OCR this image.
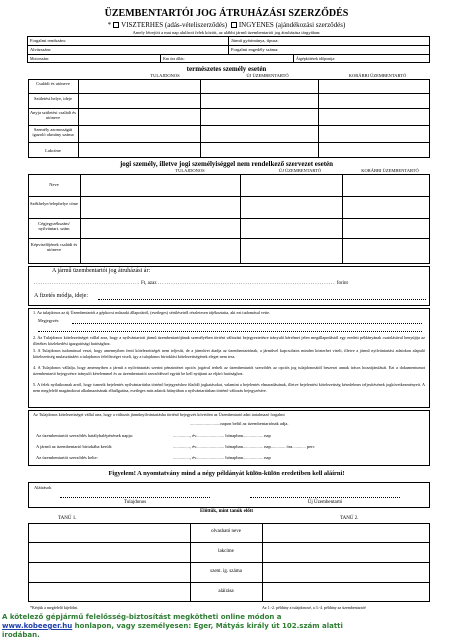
ÜZEMBENTARTÓI JOG ÁTRUHÁZÁSI SZERZŐDÉS
* VISZTERHES (adás-vételiszerződés) INGYENES (ajándékozási szerződés)
Amely létrejött a mai nap alulírott felek között, az alábbi jármű üzembentartói jog átruházása tárgyában:
Forgalmi rendszám:	Jármű gyártmánya, típusa:
Alvázszám:	Forgalmi engedély száma:
Motorszám:	Km óra állás:	Átgépkötések időpontja:
természetes személy esetén
TULAJDONOS	ÚJ ÜZEMBENTARTÓ	KORÁBBI ÜZEMBENTARTÓ
Családi és utóneve
Születési helye, ideje
Anyja születési családi és utóneve
Személy azonosságát igazoló okmány száma
Lakcíme
jogi személy, illetve jogi személyiséggel nem rendelkező szervezet esetén
TULAJDONOS	ÚJ ÜZEMBENTARTÓ	KORÁBBI ÜZEMBENTARTÓ
Neve
Székhelye/telephelye címe
Cégjegyzékszám/ nyilvántart. szám
Képviselőjének családi és utóneve
A jármű üzembentartói jog átruházási ár:
............................................... Ft, azaz ............................................................................... forint
A fizetés módja, ideje:
1. Az tulajdonos az új Üzembentartót a gépkocsi műszaki állapotáról, (esetleges) sérüléseiről részletesen tájékoztatta, aki ezt tudomásul vette.
Megjegyzés:
2. Az Tulajdonos kötelezettséget vállal arra, hogy a nyilvántartott jármű üzembentartójának személyében történt változást bejegyeztetésre irányuló kérelmet jelen megállapodástól egy eredeti példányának csatolásával benyújtja az illetékes közlekedési igazgatósági hatósághoz.
3. A Tulajdonos tudomással veszi, hogy amennyiben fenti kötelezettségét nem teljesíti, de a járművet átadja az üzembentartónak, a járművel kapcsolatos minden közterhet viseli, illetve a jármű nyilvántartási adatokon alapuló kötelezettség mulasztásáért a tulajdonos felelősséget viseli, így a tulajdonos birtoklási kötelezettségének eleget nem tesz.
4. A Tulajdonos vállalja, hogy amennyiben a jármű a nyilvántartás szerint pénzintézet opciós jogával terhelt az üzembentartói szerződés az opciós jog tulajdonosától beszerzi annak írásos hozzájárulását. Ezt a dokumentumot üzembentartó bejegyzésre irányuló kérelemmel és az üzembentartói szerződéssel együtt be kell nyújtani az eljáró hatósághoz.
5. A felek nyilatkoznak arról, hogy ismerik bejelentés nyilvántartásba történő bejegyzéshez fűződő jogkatásokat, valamint a bejelentés elmaradásának, illetve bejelentési kötelezettség késedelmes teljesítésének jogkövetkezményeit. A nem megfelelő magánokirat alkalmazásának elhallgatása, esetleges más adatok hiányában a nyilvántartásban történő változás bejegyzésére.
Az Tulajdonos kötelezettséget vállal arra, hogy a változás járműnyilvántartásba történő bejegyzés követően az Üzembentartó adni tartalmazó forgalmi
...........................napon belül az üzembentartónak adja.
Az üzembentartói szerződés hatálybalépésének napja:	..............., év......................... hónapban.................. nap
A jármű az üzembentartó birtokába került:	..............., év......................... hónapban.................. nap............. óra............ perc
Az üzembentartói szerződés kelte:	..............., év......................... hónapban.................. nap
Figyelem! A nyomtatvány mind a négy példányát külön-külön eredetiben kell aláírni!
Aláírások
Tulajdonos	Új Üzembentartó
Előttük, mint tanúk előtt
TANÚ 1.	TANÚ 2.
olvasható neve
lakcíme
szem. ig. száma
aláírása
*Kérjük a megfelelő kijelölni.	Az 1.-2. példány a tulajdonosé, a 3.-4. példány az üzembentartóé
A kötelező gépjármű felelősség-biztosítást megkötheti online módon a
www.kobeeger.hu honlapon, vagy személyesen: Eger, Mátyás király út 102.szám alatti
irodában.
